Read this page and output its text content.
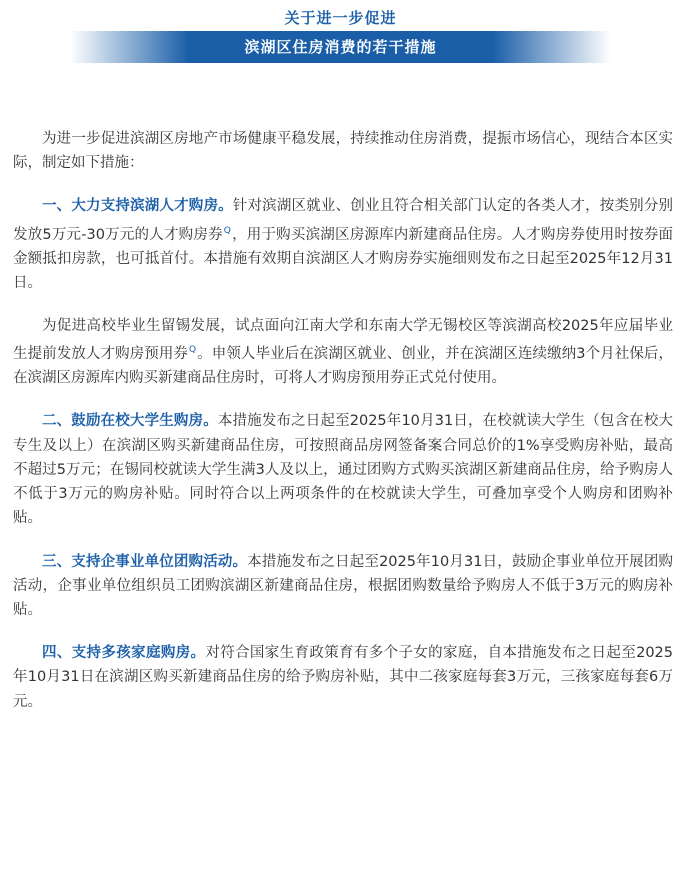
关于进一步促进
滨湖区住房消费的若干措施

为进一步促进滨湖区房地产市场健康平稳发展，持续推动住房消费，提振市场信心，现结合本区实际，制定如下措施：

一、大力支持滨湖人才购房。针对滨湖区就业、创业且符合相关部门认定的各类人才，按类别分别发放5万元-30万元的人才购房券$^Q$，用于购买滨湖区房源库内新建商品住房。人才购房券使用时按券面金额抵扣房款，也可抵首付。本措施有效期自滨湖区人才购房券实施细则发布之日起至2025年12月31日。

为促进高校毕业生留锡发展，试点面向江南大学和东南大学无锡校区等滨湖高校2025年应届毕业生提前发放人才购房预用券$^Q$。申领人毕业后在滨湖区就业、创业，并在滨湖区连续缴纳3个月社保后，在滨湖区房源库内购买新建商品住房时，可将人才购房预用券正式兑付使用。

二、鼓励在校大学生购房。本措施发布之日起至2025年10月31日，在校就读大学生（包含在校大专生及以上）在滨湖区购买新建商品住房，可按照商品房网签备案合同总价的1%享受购房补贴，最高不超过5万元；在锡同校就读大学生满3人及以上，通过团购方式购买滨湖区新建商品住房，给予购房人不低于3万元的购房补贴。同时符合以上两项条件的在校就读大学生，可叠加享受个人购房和团购补贴。

三、支持企事业单位团购活动。本措施发布之日起至2025年10月31日，鼓励企事业单位开展团购活动，企事业单位组织员工团购滨湖区新建商品住房，根据团购数量给予购房人不低于3万元的购房补贴。

四、支持多孩家庭购房。对符合国家生育政策育有多个子女的家庭，自本措施发布之日起至2025年10月31日在滨湖区购买新建商品住房的给予购房补贴，其中二孩家庭每套3万元，三孩家庭每套6万元。
